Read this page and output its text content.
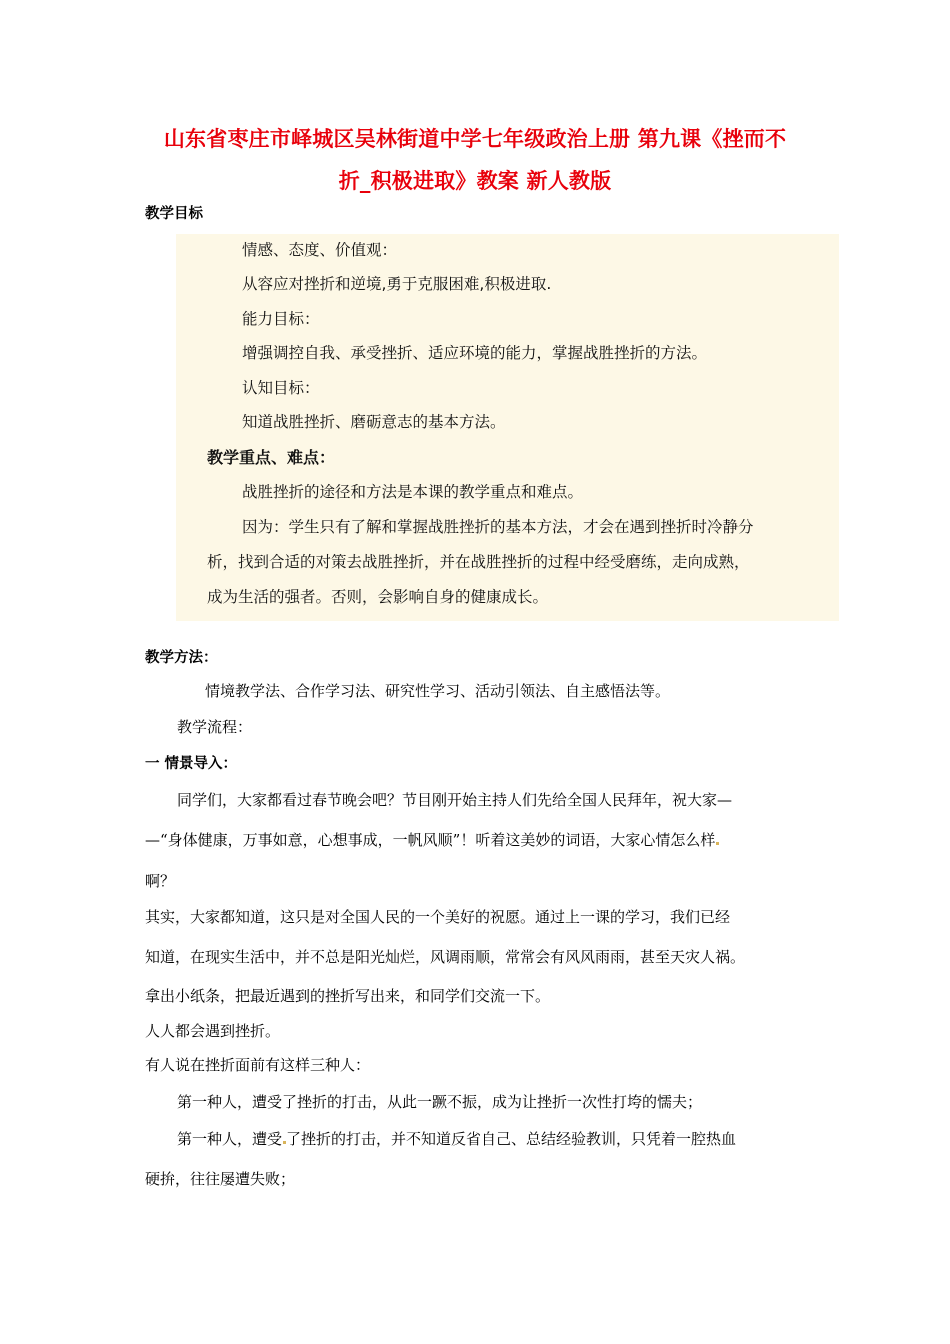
山东省枣庄市峄城区吴林街道中学七年级政治上册 第九课《挫而不
折_积极进取》教案 新人教版
教学目标
情感、态度、价值观：
从容应对挫折和逆境,勇于克服困难,积极进取.
能力目标：
增强调控自我、承受挫折、适应环境的能力，掌握战胜挫折的方法。
认知目标：
知道战胜挫折、磨砺意志的基本方法。
教学重点、难点：
战胜挫折的途径和方法是本课的教学重点和难点。
因为：学生只有了解和掌握战胜挫折的基本方法，才会在遇到挫折时冷静分
析，找到合适的对策去战胜挫折，并在战胜挫折的过程中经受磨练，走向成熟，
成为生活的强者。否则，会影响自身的健康成长。
教学方法：
情境教学法、合作学习法、研究性学习、活动引领法、自主感悟法等。
教学流程：
一 情景导入：
同学们，大家都看过春节晚会吧？节目刚开始主持人们先给全国人民拜年，祝大家—
—“身体健康，万事如意，心想事成，一帆风顺”！听着这美妙的词语，大家心情怎么样
啊？
其实，大家都知道，这只是对全国人民的一个美好的祝愿。通过上一课的学习，我们已经
知道，在现实生活中，并不总是阳光灿烂，风调雨顺，常常会有风风雨雨，甚至天灾人祸。
拿出小纸条，把最近遇到的挫折写出来，和同学们交流一下。
人人都会遇到挫折。
有人说在挫折面前有这样三种人：
第一种人，遭受了挫折的打击，从此一蹶不振，成为让挫折一次性打垮的懦夫；
第一种人，遭受 了挫折的打击，并不知道反省自己、总结经验教训，只凭着一腔热血
硬拚，往往屡遭失败；
